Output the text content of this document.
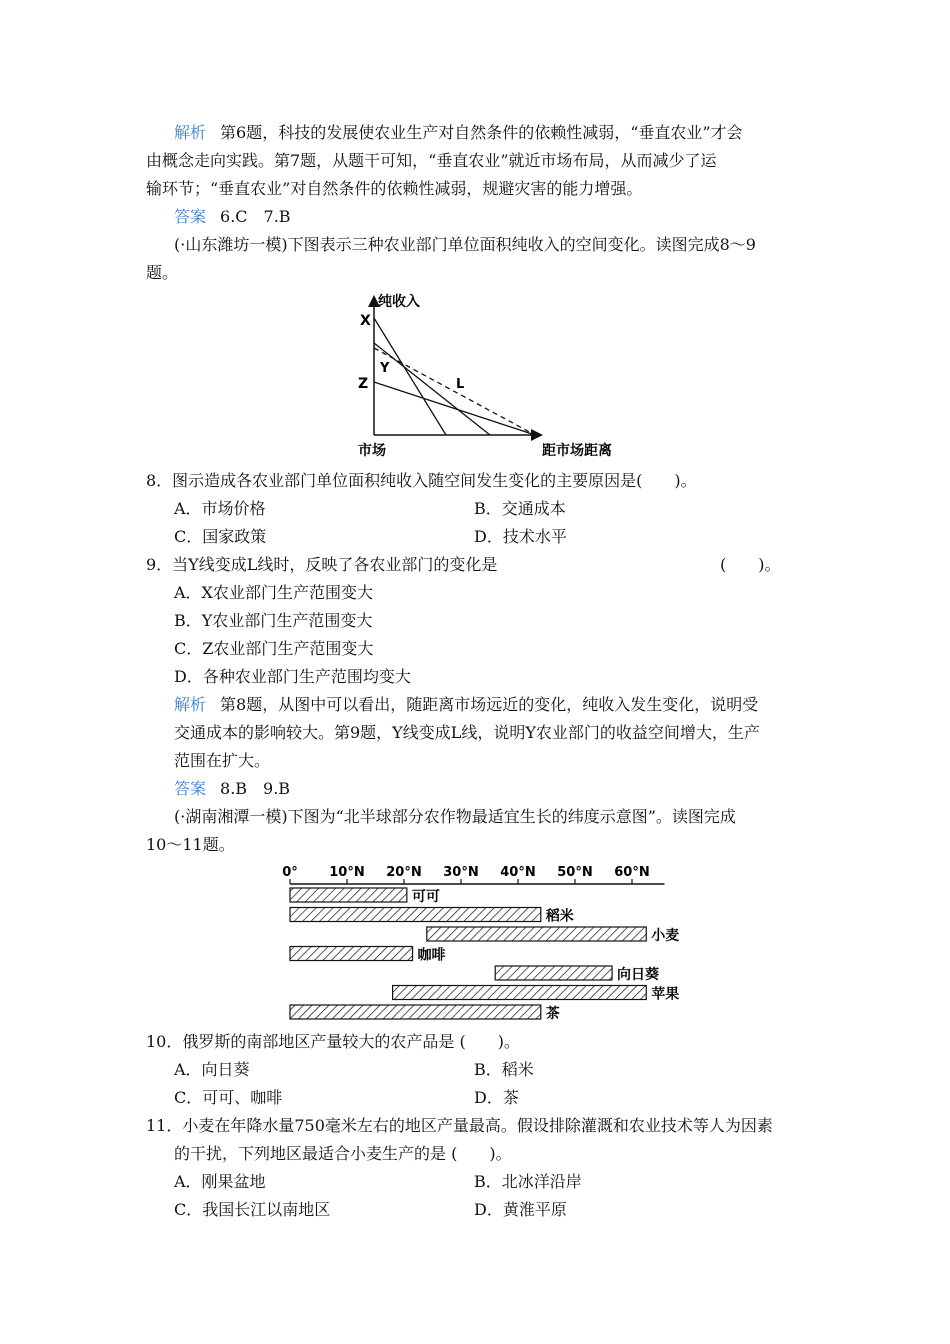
解析 第6题，科技的发展使农业生产对自然条件的依赖性减弱，“垂直农业”才会
由概念走向实践。第7题，从题干可知，“垂直农业”就近市场布局，从而减少了运
输环节；“垂直农业”对自然条件的依赖性减弱，规避灾害的能力增强。
答案 6.C　7.B
(·山东潍坊一模)下图表示三种农业部门单位面积纯收入的空间变化。读图完成8～9
题。
纯收入
X
Y
Z	L
市场	距市场距离
8．图示造成各农业部门单位面积纯收入随空间发生变化的主要原因是(　　)。
A．市场价格	B．交通成本
C．国家政策	D．技术水平
9．当Y线变成L线时，反映了各农业部门的变化是	(　　)。
A．X农业部门生产范围变大
B．Y农业部门生产范围变大
C．Z农业部门生产范围变大
D．各种农业部门生产范围均变大
解析 第8题，从图中可以看出，随距离市场远近的变化，纯收入发生变化，说明受
交通成本的影响较大。第9题，Y线变成L线，说明Y农业部门的收益空间增大，生产
范围在扩大。
答案 8.B　9.B
(·湖南湘潭一模)下图为“北半球部分农作物最适宜生长的纬度示意图”。读图完成
10～11题。
0° 10°N 20°N 30°N 40°N 50°N 60°N
可可
稻米
小麦
咖啡
向日葵
苹果
茶
10．俄罗斯的南部地区产量较大的农产品是 (　　)。
A．向日葵	B．稻米
C．可可、咖啡	D．茶
11．小麦在年降水量750毫米左右的地区产量最高。假设排除灌溉和农业技术等人为因素
的干扰，下列地区最适合小麦生产的是 (　　)。
A．刚果盆地	B．北冰洋沿岸
C．我国长江以南地区	D．黄淮平原
